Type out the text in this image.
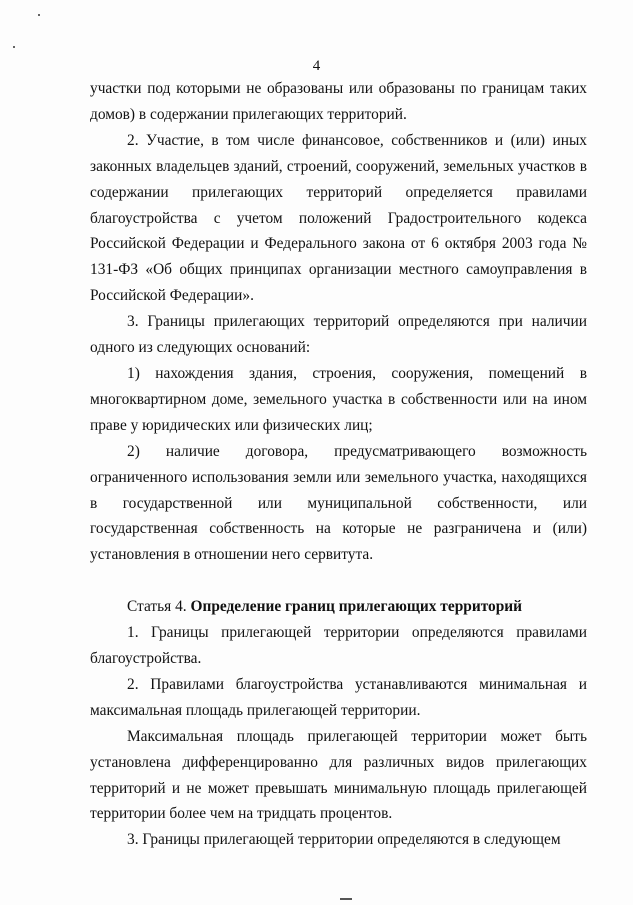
4

участки под которыми не образованы или образованы по границам таких домов) в содержании прилегающих территорий.

2. Участие, в том числе финансовое, собственников и (или) иных законных владельцев зданий, строений, сооружений, земельных участков в содержании прилегающих территорий определяется правилами благоустройства с учетом положений Градостроительного кодекса Российской Федерации и Федерального закона от 6 октября 2003 года № 131-ФЗ «Об общих принципах организации местного самоуправления в Российской Федерации».

3. Границы прилегающих территорий определяются при наличии одного из следующих оснований:

1) нахождения здания, строения, сооружения, помещений в многоквартирном доме, земельного участка в собственности или на ином праве у юридических или физических лиц;

2) наличие договора, предусматривающего возможность ограниченного использования земли или земельного участка, находящихся в государственной или муниципальной собственности, или государственная собственность на которые не разграничена и (или) установления в отношении него сервитута.

Статья 4. Определение границ прилегающих территорий

1. Границы прилегающей территории определяются правилами благоустройства.

2. Правилами благоустройства устанавливаются минимальная и максимальная площадь прилегающей территории.

Максимальная площадь прилегающей территории может быть установлена дифференцированно для различных видов прилегающих территорий и не может превышать минимальную площадь прилегающей территории более чем на тридцать процентов.

3. Границы прилегающей территории определяются в следующем
